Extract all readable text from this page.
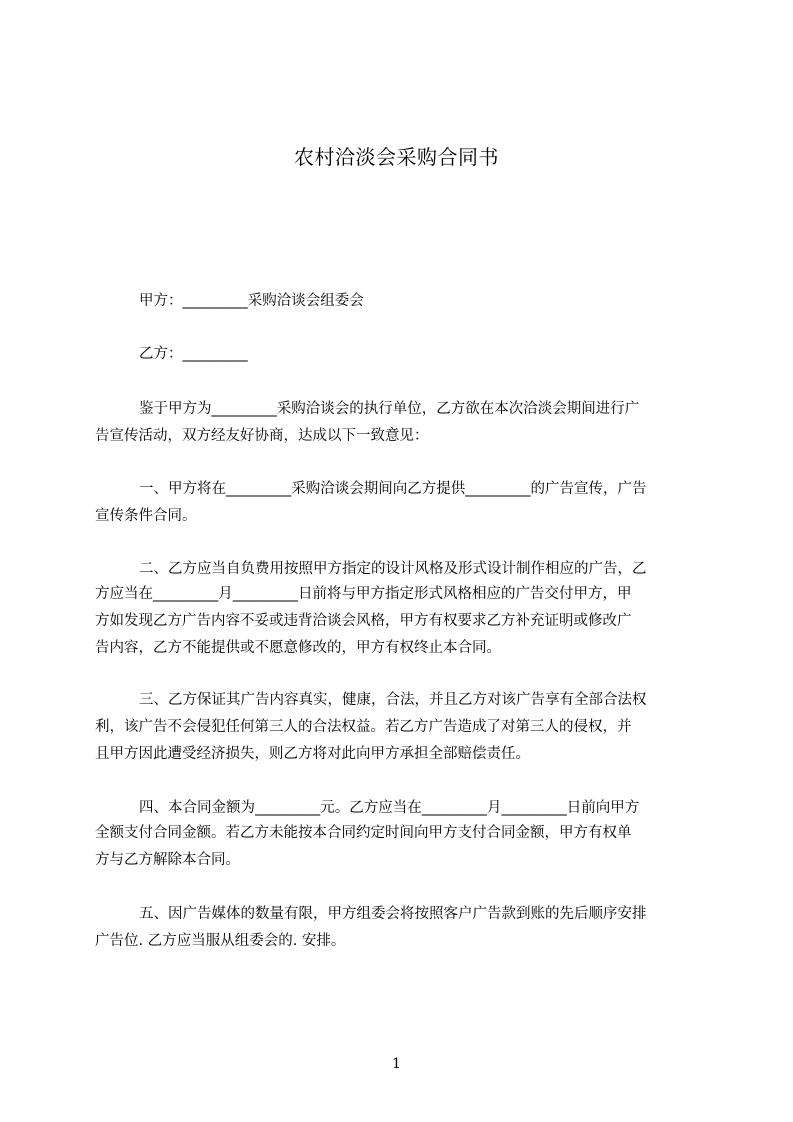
农村洽淡会采购合同书
甲方：_________采购洽谈会组委会
乙方：_________
鉴于甲方为_________采购洽谈会的执行单位，乙方欲在本次洽淡会期间进行广
告宣传活动，双方经友好协商，达成以下一致意见：
一、甲方将在_________采购洽谈会期间向乙方提供_________的广告宣传，广告
宣传条件合同。
二、乙方应当自负费用按照甲方指定的设计风格及形式设计制作相应的广告，乙
方应当在_________月_________日前将与甲方指定形式风格相应的广告交付甲方，甲
方如发现乙方广告内容不妥或违背洽谈会风格，甲方有权要求乙方补充证明或修改广
告内容，乙方不能提供或不愿意修改的，甲方有权终止本合同。
三、乙方保证其广告内容真实，健康，合法，并且乙方对该广告享有全部合法权
利，该广告不会侵犯任何第三人的合法权益。若乙方广告造成了对第三人的侵权，并
且甲方因此遭受经济损失，则乙方将对此向甲方承担全部赔偿责任。
四、本合同金额为_________元。乙方应当在_________月_________日前向甲方
全额支付合同金额。若乙方未能按本合同约定时间向甲方支付合同金额，甲方有权单
方与乙方解除本合同。
五、因广告媒体的数量有限，甲方组委会将按照客户广告款到账的先后顺序安排
广告位. 乙方应当服从组委会的. 安排。
1
